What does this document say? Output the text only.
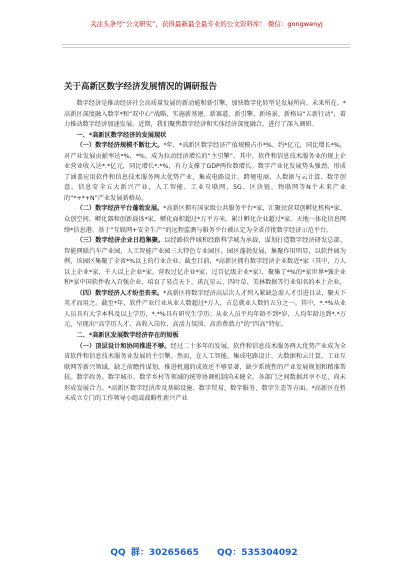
关注头条号“公文研究”，获得最新最全最专业的公文资料库！ 微信：gongwenyj
关于高新区数字经济发展情况的调研报告

数字经济是推动经济社会高质量发展的新动能和新引擎，加快数字化转型是发展所向、未来所在。*高新区深度融入数字*和“双中心”战略，实施新基建、新赛道、新引擎、新场景、新格局“五新行动”，着力推动数字经济加速发展。近期，我们聚焦数字经济和实体经济深度融合，进行了深入调研。

一、*高新区数字经济的发展现状

（一）数字经济规模不断壮大。*年，*高新区数字经济产值规模占市*%、约*亿元，同比增长*%，对产业发展贡献率达*%、*%，成为拉动经济增长的“主引擎”。其中，软件和信息技术服务业的规上企业营业收入达*.*亿元，同比增长*.*%，有力支撑了GDP两位数增长。数字产业化发展势头强劲，形成了涵盖应用软件和信息技术服务两大优势产业，集成电路设计、跨境电商、人数据与云计算、数字创意、信息安全五大新兴产业，人工智能、工业互联网、5G、区块链、物联网等N个未来产业的“*+*+N”产业发展新格局。

（二）数字经济平台蓬勃发展。*高新区拥有国家级公共服务平台*家，汇聚民营双创孵化机构*家、众创空间、孵化器和创新载体*家，孵化面积超过*万平方米。累计孵化企业超过*家。天地一体化信息网络*信息港、基于“互联网+安全生产”的远程监测与服务平台被认定为全省首批数字经济示范平台。

（三）数字经济企业日趋集聚。以经路软件城和经路科学城为承载，谋划打造数字经济研发总部、智能网联汽车产业园、人工智能产业园三大特色专业园区。园区蓬勃发展，集聚作用明显，以软件园为例，该园区集聚了全省*%以上的行业企业。截至目前，*高新区拥有数字经济企业数近*家（其中，万人以上企业*家，千人以上企业*家，营收过亿企业*家，过百亿级企业*家），聚集了*%的*家世界*强企业和*家中国软件收入百强企业，培育了易点天下、诺瓦星云、四叶草、美林数据等行业知名的本土企业。

（四）数字经济人才纷至沓来。*高新区将数字经济高层次人才列入紧缺急需人才引进目录，聚天下英才而用之。截至*年，软件产业行业从业人数超过*万人，占总就业人数的五分之一。其中，*.*%从业人员具有大学本科及以上学历，*.*%具有研究生学历；从业人员平均年龄不到*岁，人均年龄达到*.*万元，呈现出“高学历人才、高收入岗位、高活力氛围、高消费潜力”的“四高”特征。

二、*高新区发展数字经济存在的短板

（一）顶层设计和协同推进不够。经过二十多年的发展，软件和信息技术服务两大优势产业成为全省软件和信息技术服务业发展的主引擎。然而，在人工智能、集成电路设计、大数据和云计算、工业互联网等新兴领域，缺乏前瞻性谋划，推进机遇的成效还不够显著，缺少系统性的产业发展规划和精准帮扶。数字政务、数字城市、数字乡村等领域的统筹协调机制尚未健全，各部门之间数据共享不足，尚未形成发展合力。*高新区数字经济涉及基础设施、数字贸易、数字服务、数字生态等方面。*高新区在暂未成立专门的工作领导小组或战略性新兴产业

QQ 群：30265665 QQ：535304092
